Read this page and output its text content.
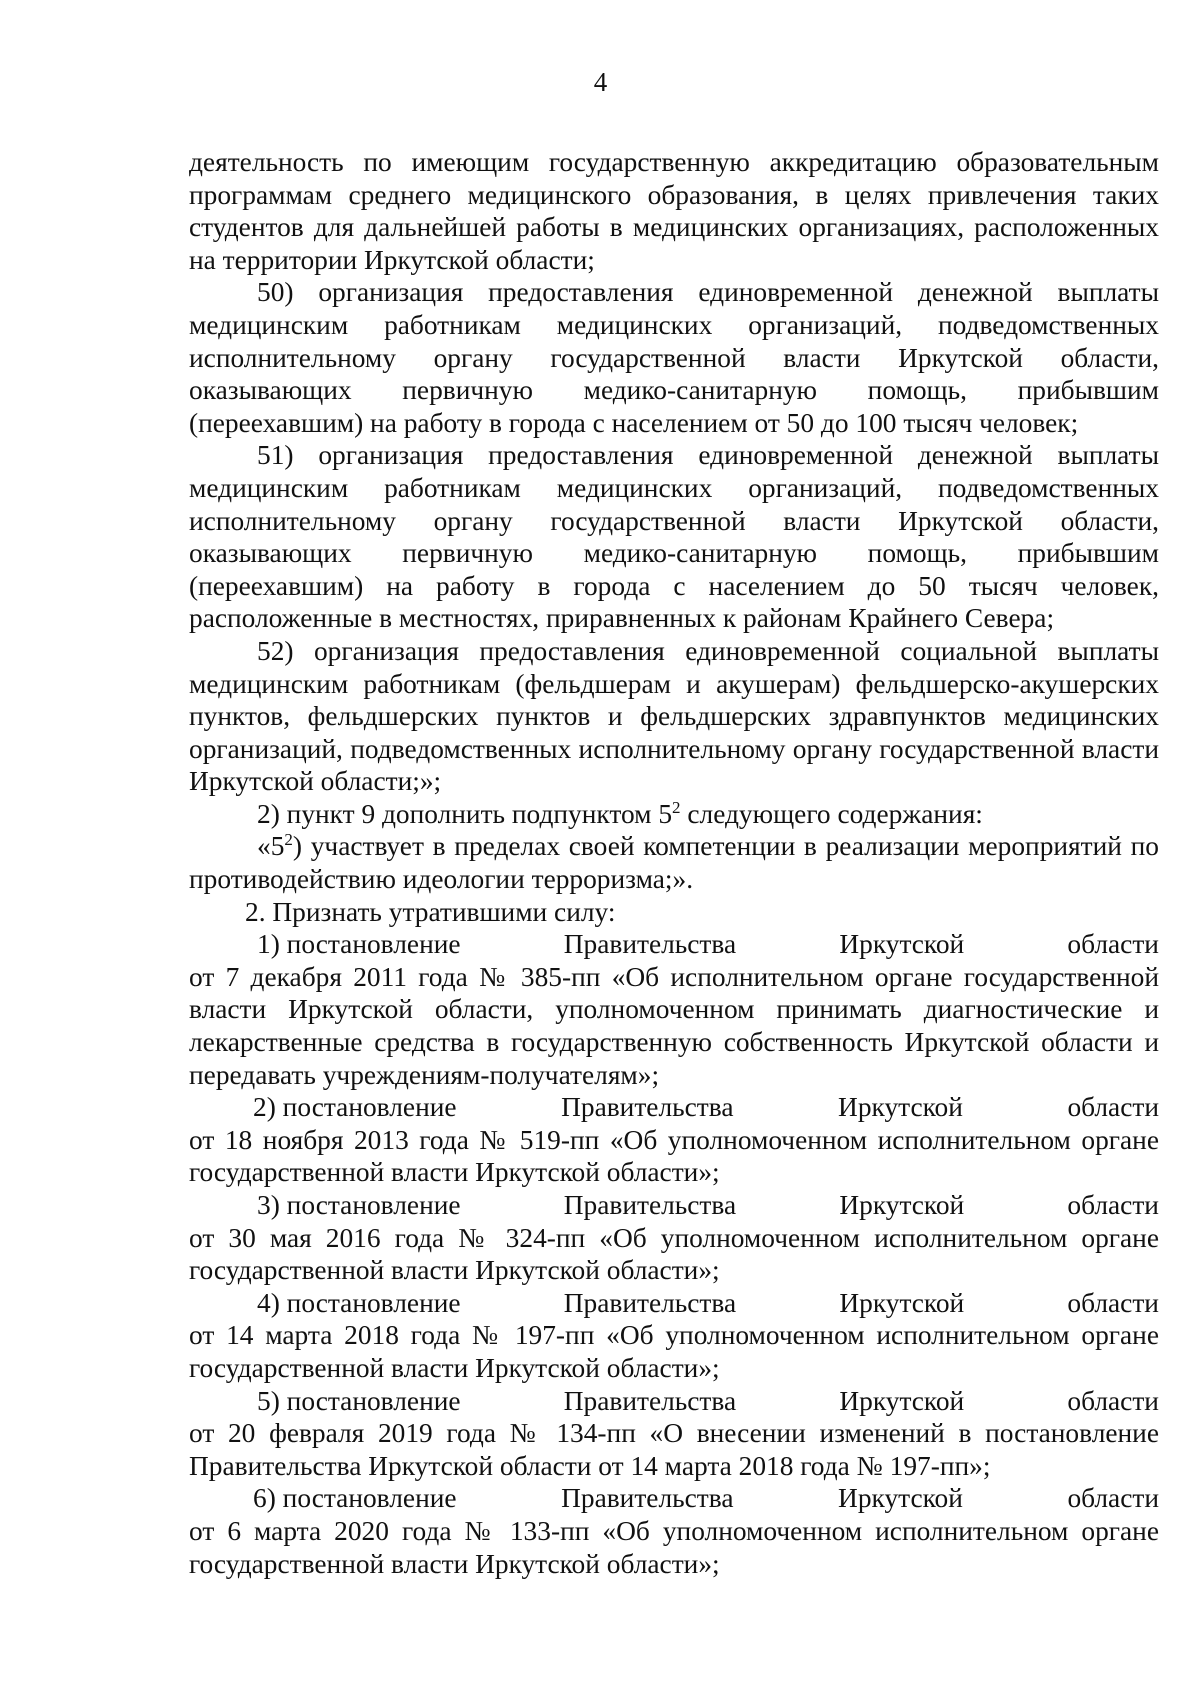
4

деятельность по имеющим государственную аккредитацию образовательным программам среднего медицинского образования, в целях привлечения таких студентов для дальнейшей работы в медицинских организациях, расположенных на территории Иркутской области;

50) организация предоставления единовременной денежной выплаты медицинским работникам медицинских организаций, подведомственных исполнительному органу государственной власти Иркутской области, оказывающих первичную медико-санитарную помощь, прибывшим (переехавшим) на работу в города с населением от 50 до 100 тысяч человек;

51) организация предоставления единовременной денежной выплаты медицинским работникам медицинских организаций, подведомственных исполнительному органу государственной власти Иркутской области, оказывающих первичную медико-санитарную помощь, прибывшим (переехавшим) на работу в города с населением до 50 тысяч человек, расположенные в местностях, приравненных к районам Крайнего Севера;

52) организация предоставления единовременной социальной выплаты медицинским работникам (фельдшерам и акушерам) фельдшерско-акушерских пунктов, фельдшерских пунктов и фельдшерских здравпунктов медицинских организаций, подведомственных исполнительному органу государственной власти Иркутской области;»;

2) пункт 9 дополнить подпунктом $5^2$ следующего содержания:

«$5^2$) участвует в пределах своей компетенции в реализации мероприятий по противодействию идеологии терроризма;».

2. Признать утратившими силу:

1) постановление	Правительства	Иркутской	области

от 7 декабря 2011 года № 385-пп «Об исполнительном органе государственной власти Иркутской области, уполномоченном принимать диагностические и лекарственные средства в государственную собственность Иркутской области и передавать учреждениям-получателям»;

2) постановление	Правительства	Иркутской	области

от 18 ноября 2013 года № 519-пп «Об уполномоченном исполнительном органе государственной власти Иркутской области»;

3) постановление	Правительства	Иркутской	области

от 30 мая 2016 года № 324-пп «Об уполномоченном исполнительном органе государственной власти Иркутской области»;

4) постановление	Правительства	Иркутской	области

от 14 марта 2018 года № 197-пп «Об уполномоченном исполнительном органе государственной власти Иркутской области»;

5) постановление	Правительства	Иркутской	области

от 20 февраля 2019 года № 134-пп «О внесении изменений в постановление Правительства Иркутской области от 14 марта 2018 года № 197-пп»;

6) постановление	Правительства	Иркутской	области

от 6 марта 2020 года № 133-пп «Об уполномоченном исполнительном органе государственной власти Иркутской области»;
